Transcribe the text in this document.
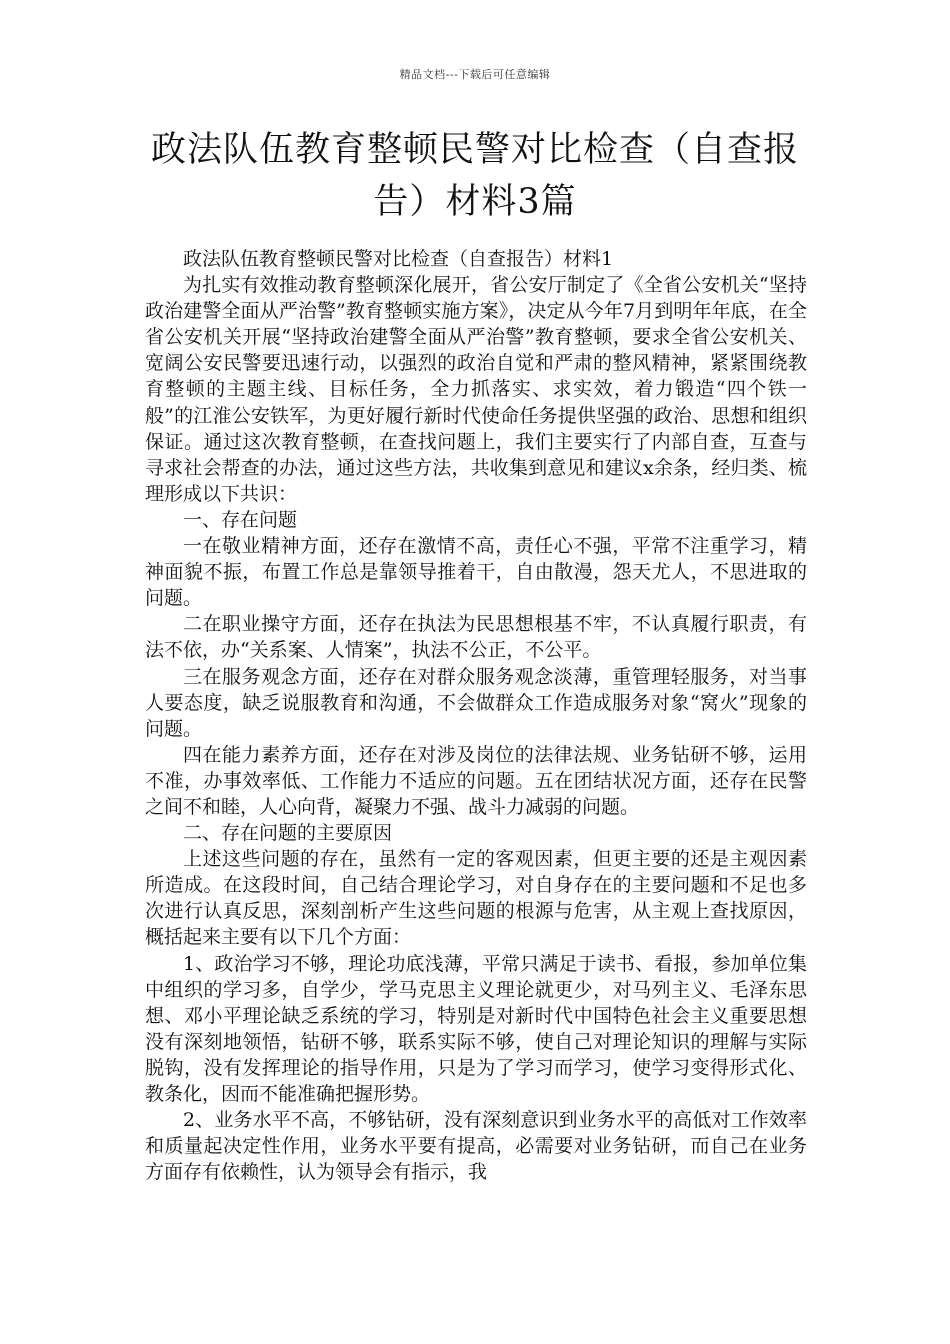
精品文档---下载后可任意编辑
政法队伍教育整顿民警对比检查（自查报告）材料3篇

政法队伍教育整顿民警对比检查（自查报告）材料1

为扎实有效推动教育整顿深化展开，省公安厅制定了《全省公安机关“坚持政治建警全面从严治警”教育整顿实施方案》，决定从今年7月到明年年底，在全省公安机关开展“坚持政治建警全面从严治警”教育整顿，要求全省公安机关、宽阔公安民警要迅速行动，以强烈的政治自觉和严肃的整风精神，紧紧围绕教育整顿的主题主线、目标任务，全力抓落实、求实效，着力锻造“四个铁一般”的江淮公安铁军，为更好履行新时代使命任务提供坚强的政治、思想和组织保证。通过这次教育整顿，在查找问题上，我们主要实行了内部自查，互查与寻求社会帮查的办法，通过这些方法，共收集到意见和建议x余条，经归类、梳理形成以下共识：

一、存在问题

一在敬业精神方面，还存在激情不高，责任心不强，平常不注重学习，精神面貌不振，布置工作总是靠领导推着干，自由散漫，怨天尤人，不思进取的问题。

二在职业操守方面，还存在执法为民思想根基不牢，不认真履行职责，有法不依，办“关系案、人情案”，执法不公正，不公平。

三在服务观念方面，还存在对群众服务观念淡薄，重管理轻服务，对当事人要态度，缺乏说服教育和沟通，不会做群众工作造成服务对象“窝火”现象的问题。

四在能力素养方面，还存在对涉及岗位的法律法规、业务钻研不够，运用不准，办事效率低、工作能力不适应的问题。五在团结状况方面，还存在民警之间不和睦，人心向背，凝聚力不强、战斗力减弱的问题。

二、存在问题的主要原因

上述这些问题的存在，虽然有一定的客观因素，但更主要的还是主观因素所造成。在这段时间，自己结合理论学习，对自身存在的主要问题和不足也多次进行认真反思，深刻剖析产生这些问题的根源与危害，从主观上查找原因，概括起来主要有以下几个方面：

1、政治学习不够，理论功底浅薄，平常只满足于读书、看报，参加单位集中组织的学习多，自学少，学马克思主义理论就更少，对马列主义、毛泽东思想、邓小平理论缺乏系统的学习，特别是对新时代中国特色社会主义重要思想没有深刻地领悟，钻研不够，联系实际不够，使自己对理论知识的理解与实际脱钩，没有发挥理论的指导作用，只是为了学习而学习，使学习变得形式化、教条化，因而不能准确把握形势。

2、业务水平不高，不够钻研，没有深刻意识到业务水平的高低对工作效率和质量起决定性作用，业务水平要有提高，必需要对业务钻研，而自己在业务方面存有依赖性，认为领导会有指示，我
